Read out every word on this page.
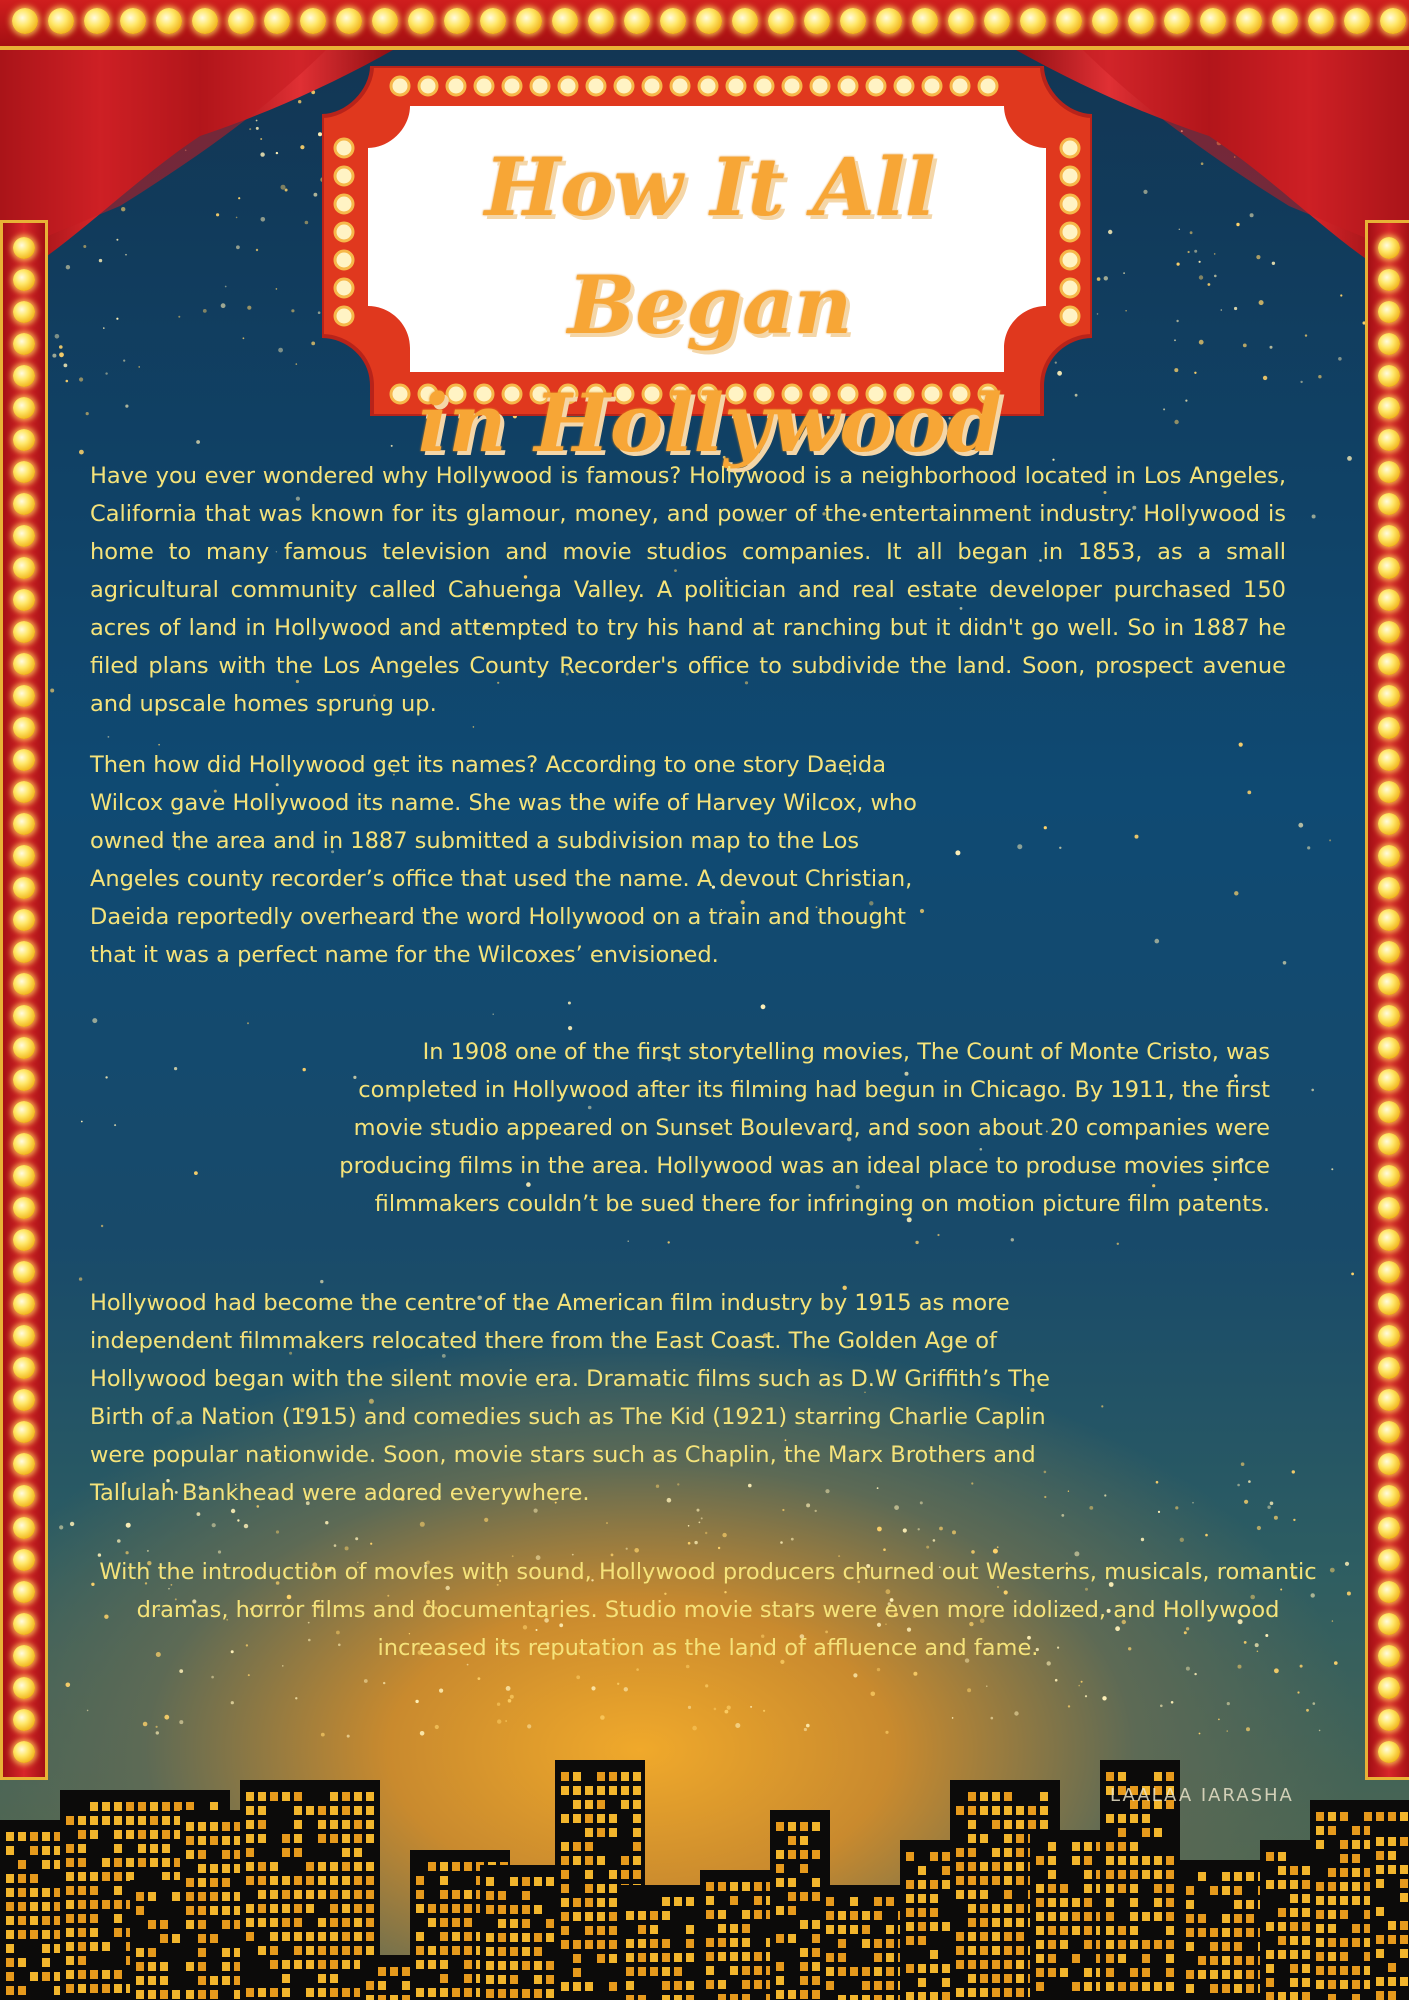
How It All Began
in Hollywood

Have you ever wondered why Hollywood is famous? Hollywood is a neighborhood located in Los Angeles, California that was known for its glamour, money, and power of the entertainment industry. Hollywood is home to many famous television and movie studios companies. It all began in 1853, as a small agricultural community called Cahuenga Valley. A politician and real estate developer purchased 150 acres of land in Hollywood and attempted to try his hand at ranching but it didn't go well. So in 1887 he filed plans with the Los Angeles County Recorder's office to subdivide the land. Soon, prospect avenue and upscale homes sprung up.

Then how did Hollywood get its names? According to one story Daeida Wilcox gave Hollywood its name. She was the wife of Harvey Wilcox, who owned the area and in 1887 submitted a subdivision map to the Los Angeles county recorder’s office that used the name. A devout Christian, Daeida reportedly overheard the word Hollywood on a train and thought that it was a perfect name for the Wilcoxes’ envisioned.

In 1908 one of the first storytelling movies, The Count of Monte Cristo, was completed in Hollywood after its filming had begun in Chicago. By 1911, the first movie studio appeared on Sunset Boulevard, and soon about 20 companies were producing films in the area. Hollywood was an ideal place to produse movies since filmmakers couldn’t be sued there for infringing on motion picture film patents.

Hollywood had become the centre of the American film industry by 1915 as more independent filmmakers relocated there from the East Coast. The Golden Age of Hollywood began with the silent movie era. Dramatic films such as D.W Griffith’s The Birth of a Nation (1915) and comedies such as The Kid (1921) starring Charlie Caplin were popular nationwide. Soon, movie stars such as Chaplin, the Marx Brothers and Tallulah Bankhead were adored everywhere.

With the introduction of movies with sound, Hollywood producers churned out Westerns, musicals, romantic dramas, horror films and documentaries. Studio movie stars were even more idolized, and Hollywood increased its reputation as the land of affluence and fame.

LAALAA IARASHA
